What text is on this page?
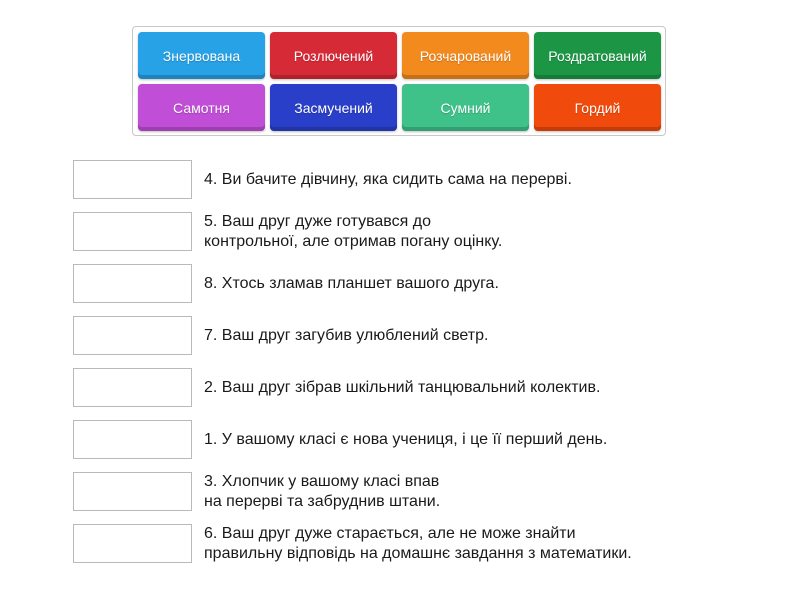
Знервована	Розлючений	Розчарований	Роздратований
Самотня	Засмучений	Сумний	Гордий
4. Ви бачите дівчину, яка сидить сама на перерві.
5. Ваш друг дуже готувався до
контрольної, але отримав погану оцінку.
8. Хтось зламав планшет вашого друга.
7. Ваш друг загубив улюблений светр.
2. Ваш друг зібрав шкільний танцювальний колектив.
1. У вашому класі є нова учениця, і це її перший день.
3. Хлопчик у вашому класі впав
на перерві та забруднив штани.
6. Ваш друг дуже старається, але не може знайти
правильну відповідь на домашнє завдання з математики.
